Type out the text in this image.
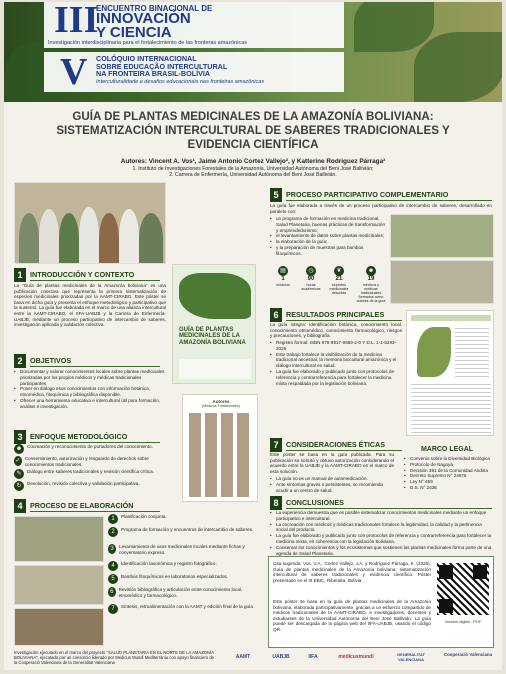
III
V
ENCUENTRO BINACIONAL DE
INNOVACIÓN
Y CIENCIA
Investigación interdisciplinaria para el fortalecimiento de las fronteras amazónicas
COLÓQUIO INTERNACIONAL
SOBRE EDUCAÇÃO INTERCULTURAL
NA FRONTEIRA BRASIL-BOLÍVIA
Interculturalidade e desafios educacionais nas fronteiras amazônicas
GUÍA DE PLANTAS MEDICINALES DE LA AMAZONÍA BOLIVIANA: SISTEMATIZACIÓN INTERCULTURAL DE SABERES TRADICIONALES Y EVIDENCIA CIENTÍFICA
Autores: Vincent A. Vos¹, Jaime Antonio Cortez Vallejo², y Katterine Rodriguez Párraga²
1. Instituto de Investigaciones Forestales de la Amazonía, Universidad Autónoma del Beni José Ballivián;
2. Carrera de Enfermería, Universidad Autónoma del Beni José Ballivián.
1	INTRODUCCIÓN Y CONTEXTO
La "Guía de plantas medicinales de la Amazonía boliviana" es una publicación colectiva que representa la primera sistematización de especies medicinales priorizadas por la AAMT-CIRABO. Este póster se basa en dicha guía y presenta el enfoque metodológico y participativo que la sustentó. La guía fue elaborada en el marco de una alianza intercultural entre la AAMT-CIRABO, el IIFA-UABJB y la Carrera de Enfermería-UABJB, mediante un proceso participativo de intercambio de saberes, investigación aplicada y validación colectiva.
2	OBJETIVOS
• Documentar y valorar conocimientos locales sobre plantas medicinales priorizadas por los propios médicos y médicas tradicionales participantes.
• Poner en diálogo esos conocimientos con información botánica, etnomédica, fitoquímica y bibliográfica disponible.
• Ofrecer una herramienta educativa e intercultural útil para formación, análisis e investigación.
3	ENFOQUE METODOLÓGICO
☻	Cocreación y reconocimiento de portadores del conocimiento.
✓ Consentimiento, autorización y resguardo de derechos sobre conocimientos tradicionales.
✎	Diálogo entre saberes tradicionales y revisión científica crítica.
↻	Devolución, revisión colectiva y validación participativa.
GUÍA DE PLANTAS
MEDICINALES DE LA
AMAZONÍA BOLIVIANA
Autores
(Médicos Tradicionales)
4	PROCESO DE ELABORACIÓN
1	Planificación conjunta.
2	Programa de formación y encuentros de intercambio de saberes.
3	Levantamiento de usos medicinales locales mediante fichas y conversatorio expreso.
4	Identificación taxonómica y registro fotográfico.
5	Bambús fitoquímicos en laboratorios especializados.
6	Revisión bibliográfica y articulación entre conocimiento local, etnomédico y farmacológico.
7	Síntesis, retroalimentación con la AAMT y edición final de la guía.
5	PROCESO PARTICIPATIVO COMPLEMENTARIO
La guía fue elaborada a través de un proceso participativo de intercambio de saberes, desarrollado en paralelo con:
• un programa de formación en medicina tradicional, Salud Planetaria, buenas prácticas de transformación y emprendedurismo;
• el levantamiento de datos sobre plantas medicinales;
• la elaboración de la guía;
• y la preparación de muestras para bambús fitoquímicos.
▤
1
módulos
◷
90
horas académicas
❦
21
especies medicinales descritas
☻
19
médicos y médicas tradicionales formados como autores de la guía
6	RESULTADOS PRINCIPALES
La guía integra: identificación botánica, conocimiento local, conocimiento etnomédico, conocimiento farmacológico, riesgos y precauciones, y bibliografía.
• Registro formal: ISBN 978-9917-9669-2-0 Y D.L. 1-1-5293-2026
• Este trabajo fortalece la visibilización de la medicina tradicional ancestral, la memoria biocultural amazónica y el diálogo intercultural en salud.
• La guía fue elaborado y publicado junto con protocolos de referencia y contrarreferencia para fortalecer la medicina mixta respaldada por la legislación boliviana.
7	CONSIDERACIONES ÉTICAS
Este póster se basa en la guía publicada. Para su publicación se solicitó y obtuvo autorización considerando el acuerdo entre la UABJB y la AAMT-CIRABO en el marco de esta solución.
• La guía no es un manual de automedicación.
• Ante síntomas graves o persistentes, se recomienda acudir a un centro de salud.
MARCO LEGAL
• Convenio sobre la Diversidad Biológica
• Protocolo de Nagoya
• Decisión 391 de la Comunidad Andina
• Decreto Supremo N° 24676
• Ley N° 459
• D.S. N° 2436
8	CONCLUSIONES
• La experiencia demuestra que es posible sistematizar conocimientos medicinales mediante un enfoque participativo e intercultural.
• La cocreación con médicos y médicas tradicionales fortalece la legitimidad, la calidad y la pertinencia social del producto.
• La guía fue elaborado y publicado junto con protocolos de referencia y contrarreferencia para fortalecer la medicina mixta, en coherencia con la legislación boliviana.
• Conservar los conocimientos y los ecosistemas que sostienen las plantas medicinales forma parte de una agenda de Salud Planetaria.
Cita sugerida: Vos, V.A., Cortez Vallejo, J.A. y Rodríguez Párraga, K. (2026). Guía de plantas medicinales de la Amazonía boliviana: sistematización intercultural de saberes tradicionales y evidencia científica. Póster presentado en el III EBIC, Riberalta, Bolivia.
Este póster se basa en la guía de plantas medicinales de la Amazonía boliviana, elaborada participativamente, gracias a un esfuerzo compartido de médicos tradicionales de la AAMT-CIRABO, e investigadores, docentes y estudiantes de la Universidad Autónoma del Beni José Ballivián. La guía puede ser descargada de la página web del IIFA-UABJB, usando el código QR.
Versión digital - PDF
Investigación ejecutado en el marco del proyecto "SALUD PLANETARIA EN EL NORTE DE LA AMAZONÍA BOLIVIANA", ejecutado por un consorcio liderado por Medicus Mundi Mediterrània con apoyo financiero de la Cooperació Valenciana de la Generalitat Valenciana
AAMT	UABJB	IIFA	medicusmundi	GENERALITAT VALENCIANA
Cooperació Valenciana
